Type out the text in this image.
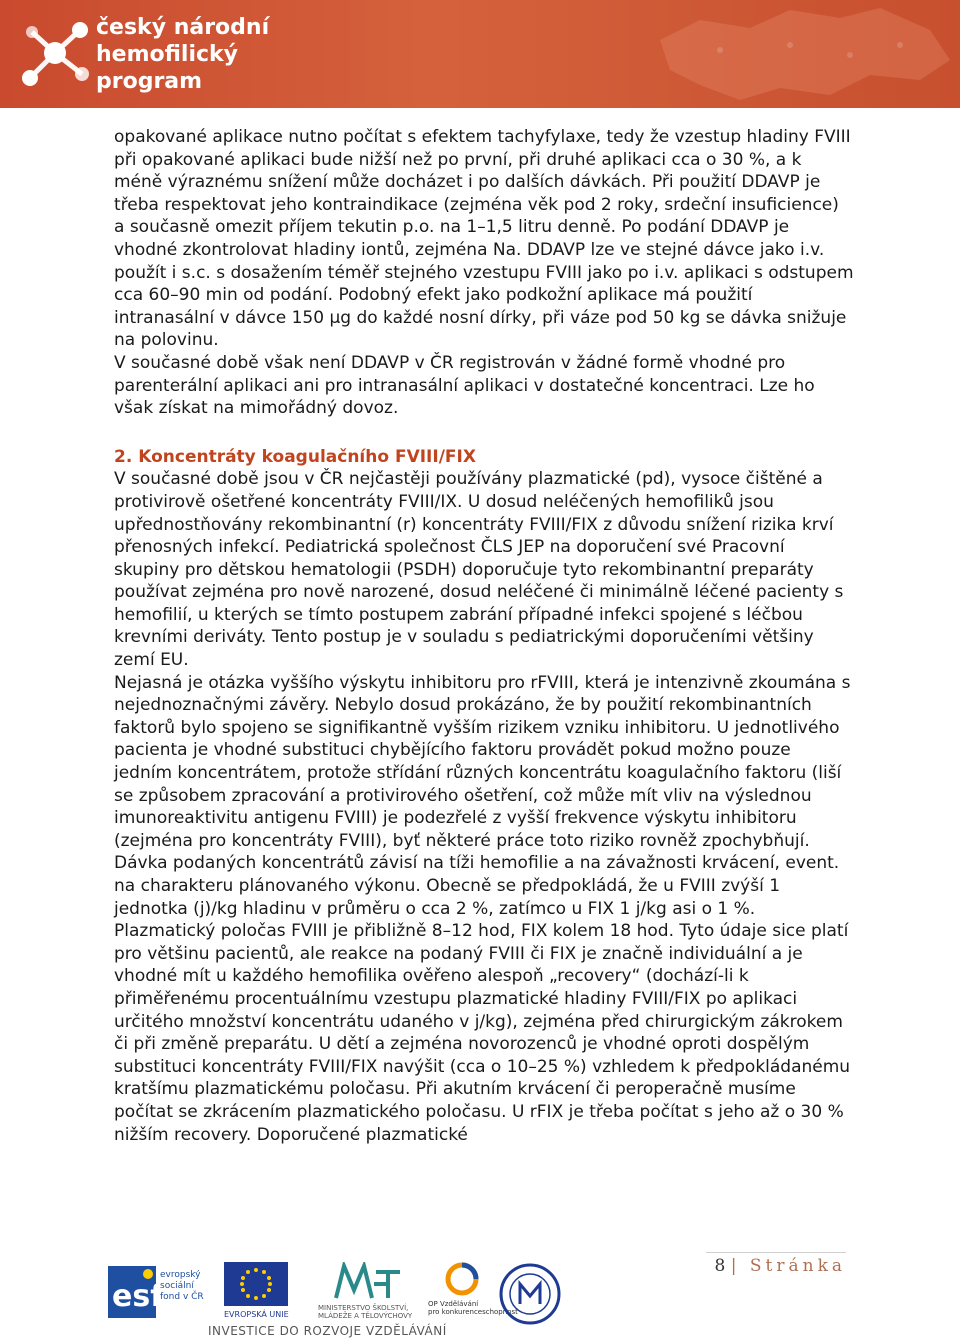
český národní
hemofilický
program

opakované aplikace nutno počítat s efektem tachyfylaxe, tedy že vzestup hladiny FVIII při opakované aplikaci bude nižší než po první, při druhé aplikaci cca o 30 %, a k méně výraznému snížení může docházet i po dalších dávkách. Při použití DDAVP je třeba respektovat jeho kontraindikace (zejména věk pod 2 roky, srdeční insuficience) a současně omezit příjem tekutin p.o. na 1–1,5 litru denně. Po podání DDAVP je vhodné zkontrolovat hladiny iontů, zejména Na. DDAVP lze ve stejné dávce jako i.v. použít i s.c. s dosažením téměř stejného vzestupu FVIII jako po i.v. aplikaci s odstupem cca 60–90 min od podání. Podobný efekt jako podkožní aplikace má použití intranasální v dávce 150 μg do každé nosní dírky, při váze pod 50 kg se dávka snižuje na polovinu.

V současné době však není DDAVP v ČR registrován v žádné formě vhodné pro parenterální aplikaci ani pro intranasální aplikaci v dostatečné koncentraci. Lze ho však získat na mimořádný dovoz.

2. Koncentráty koagulačního FVIII/FIX

V současné době jsou v ČR nejčastěji používány plazmatické (pd), vysoce čištěné a protivirově ošetřené koncentráty FVIII/IX. U dosud neléčených hemofiliků jsou upřednostňovány rekombinantní (r) koncentráty FVIII/FIX z důvodu snížení rizika krví přenosných infekcí. Pediatrická společnost ČLS JEP na doporučení své Pracovní skupiny pro dětskou hematologii (PSDH) doporučuje tyto rekombinantní preparáty používat zejména pro nově narozené, dosud neléčené či minimálně léčené pacienty s hemofilií, u kterých se tímto postupem zabrání případné infekci spojené s léčbou krevními deriváty. Tento postup je v souladu s pediatrickými doporučeními většiny zemí EU.

Nejasná je otázka vyššího výskytu inhibitoru pro rFVIII, která je intenzivně zkoumána s nejednoznačnými závěry. Nebylo dosud prokázáno, že by použití rekombinantních faktorů bylo spojeno se signifikantně vyšším rizikem vzniku inhibitoru. U jednotlivého pacienta je vhodné substituci chybějícího faktoru provádět pokud možno pouze jedním koncentrátem, protože střídání různých koncentrátu koagulačního faktoru (liší se způsobem zpracování a protivirového ošetření, což může mít vliv na výslednou imunoreaktivitu antigenu FVIII) je podezřelé z vyšší frekvence výskytu inhibitoru (zejména pro koncentráty FVIII), byť některé práce toto riziko rovněž zpochybňují. Dávka podaných koncentrátů závisí na tíži hemofilie a na závažnosti krvácení, event. na charakteru plánovaného výkonu. Obecně se předpokládá, že u FVIII zvýší 1 jednotka (j)/kg hladinu v průměru o cca 2 %, zatímco u FIX 1 j/kg asi o 1 %. Plazmatický poločas FVIII je přibližně 8–12 hod, FIX kolem 18 hod. Tyto údaje sice platí pro většinu pacientů, ale reakce na podaný FVIII či FIX je značně individuální a je vhodné mít u každého hemofilika ověřeno alespoň „recovery“ (dochází-li k přiměřenému procentuálnímu vzestupu plazmatické hladiny FVIII/FIX po aplikaci určitého množství koncentrátu udaného v j/kg), zejména před chirurgickým zákrokem či při změně preparátu. U dětí a zejména novorozenců je vhodné oproti dospělým substituci koncentráty FVIII/FIX navýšit (cca o 10–25 %) vzhledem k předpokládanému kratšímu plazmatickému poločasu. Při akutním krvácení či peroperačně musíme počítat se zkrácením plazmatického poločasu. U rFIX je třeba počítat s jeho až o 30 % nižším recovery. Doporučené plazmatické

8 | Stránka
esf
evropský
sociální
fond v ČR
EVROPSKÁ UNIE
MINISTERSTVO ŠKOLSTVÍ,
MLÁDEŽE A TĚLOVÝCHOVY
OP Vzdělávání
pro konkurenceschopnost
INVESTICE DO ROZVOJE VZDĚLÁVÁNÍ
